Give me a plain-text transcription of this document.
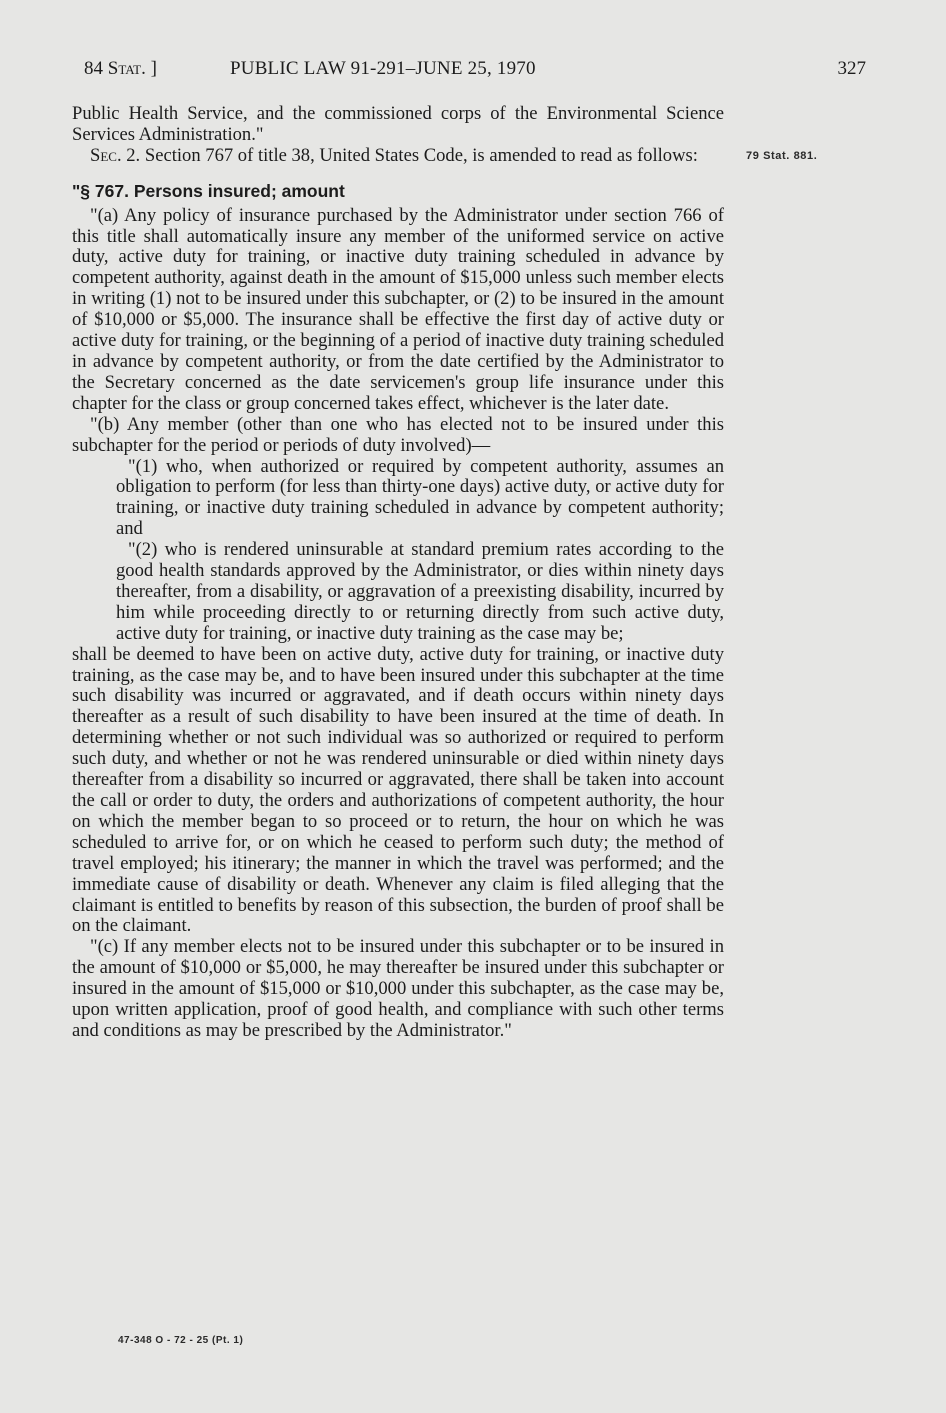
84 Stat. ]	PUBLIC LAW 91-291–JUNE 25, 1970	327
79 Stat. 881.

Public Health Service, and the commissioned corps of the Environmental Science Services Administration."

Sec. 2. Section 767 of title 38, United States Code, is amended to read as follows:

"§ 767. Persons insured; amount

"(a) Any policy of insurance purchased by the Administrator under section 766 of this title shall automatically insure any member of the uniformed service on active duty, active duty for training, or inactive duty training scheduled in advance by competent authority, against death in the amount of $15,000 unless such member elects in writing (1) not to be insured under this subchapter, or (2) to be insured in the amount of $10,000 or $5,000. The insurance shall be effective the first day of active duty or active duty for training, or the beginning of a period of inactive duty training scheduled in advance by competent authority, or from the date certified by the Administrator to the Secretary concerned as the date servicemen's group life insurance under this chapter for the class or group concerned takes effect, whichever is the later date.

"(b) Any member (other than one who has elected not to be insured under this subchapter for the period or periods of duty involved)—

"(1) who, when authorized or required by competent authority, assumes an obligation to perform (for less than thirty-one days) active duty, or active duty for training, or inactive duty training scheduled in advance by competent authority; and

"(2) who is rendered uninsurable at standard premium rates according to the good health standards approved by the Administrator, or dies within ninety days thereafter, from a disability, or aggravation of a preexisting disability, incurred by him while proceeding directly to or returning directly from such active duty, active duty for training, or inactive duty training as the case may be;

shall be deemed to have been on active duty, active duty for training, or inactive duty training, as the case may be, and to have been insured under this subchapter at the time such disability was incurred or aggravated, and if death occurs within ninety days thereafter as a result of such disability to have been insured at the time of death. In determining whether or not such individual was so authorized or required to perform such duty, and whether or not he was rendered uninsurable or died within ninety days thereafter from a disability so incurred or aggravated, there shall be taken into account the call or order to duty, the orders and authorizations of competent authority, the hour on which the member began to so proceed or to return, the hour on which he was scheduled to arrive for, or on which he ceased to perform such duty; the method of travel employed; his itinerary; the manner in which the travel was performed; and the immediate cause of disability or death. Whenever any claim is filed alleging that the claimant is entitled to benefits by reason of this subsection, the burden of proof shall be on the claimant.

"(c) If any member elects not to be insured under this subchapter or to be insured in the amount of $10,000 or $5,000, he may thereafter be insured under this subchapter or insured in the amount of $15,000 or $10,000 under this subchapter, as the case may be, upon written application, proof of good health, and compliance with such other terms and conditions as may be prescribed by the Administrator."

47-348 O - 72 - 25 (Pt. 1)
